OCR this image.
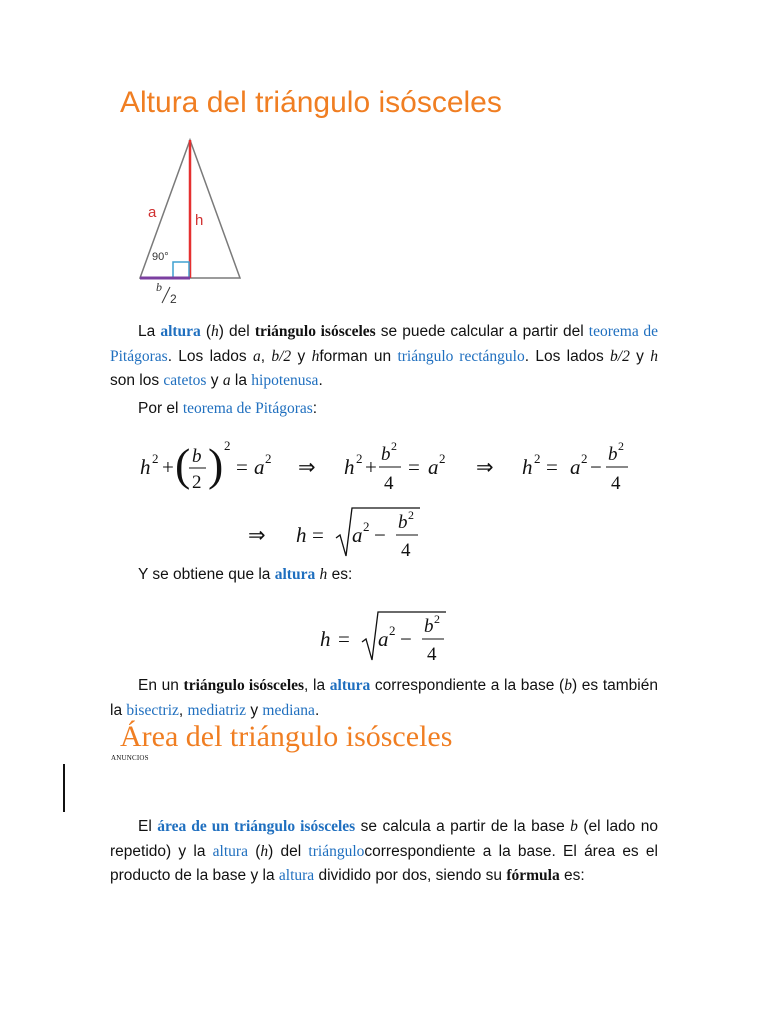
Altura del triángulo isósceles
a	h
90°
b
2
La altura (h) del triángulo isósceles se puede calcular a partir del teorema de Pitágoras. Los lados a, b/2 y hforman un triángulo rectángulo. Los lados b/2 y h son los catetos y a la hipotenusa.
Por el teorema de Pitágoras:
h 2 + ( b
2 ) 2
= a 2 ⇒ h 2 +
b 2
4
= a 2 ⇒ h 2 = a 2 −
b 2
4
⇒ h = a 2 −
b 2
4
Y se obtiene que la altura h es:
h = a 2 −
b 2
4
En un triángulo isósceles, la altura correspondiente a la base (b) es también la bisectriz, mediatriz y mediana.
Área del triángulo isósceles
ANUNCIOS
El área de un triángulo isósceles se calcula a partir de la base b (el lado no repetido) y la altura (h) del triángulocorrespondiente a la base. El área es el producto de la base y la altura dividido por dos, siendo su fórmula es:
